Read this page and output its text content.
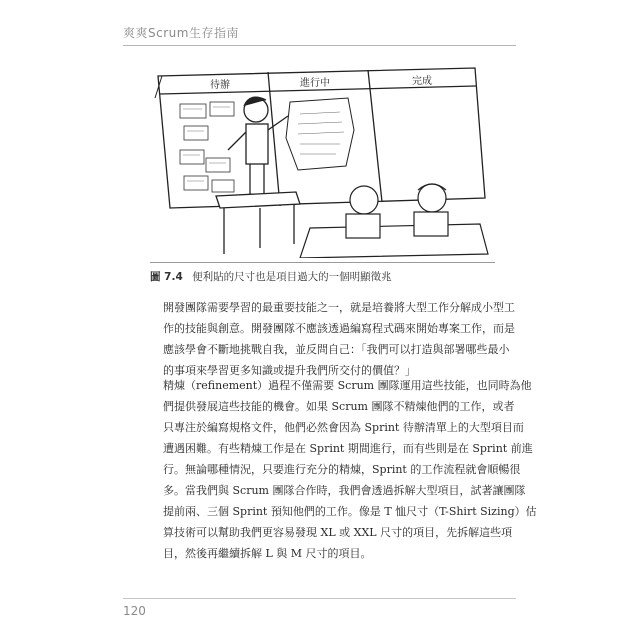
爽爽Scrum生存指南
待辦	進行中	完成
圖 7.4 便利貼的尺寸也是項目過大的一個明顯徵兆
開發團隊需要學習的最重要技能之一，就是培養將大型工作分解成小型工
作的技能與創意。開發團隊不應該透過編寫程式碼來開始專案工作，而是
應該學會不斷地挑戰自我，並反問自己：「我們可以打造與部署哪些最小
的事項來學習更多知識或提升我們所交付的價值？」
精煉（refinement）過程不僅需要 Scrum 團隊運用這些技能，也同時為他
們提供發展這些技能的機會。如果 Scrum 團隊不精煉他們的工作，或者
只專注於編寫規格文件，他們必然會因為 Sprint 待辦清單上的大型項目而
遭遇困難。有些精煉工作是在 Sprint 期間進行，而有些則是在 Sprint 前進
行。無論哪種情況，只要進行充分的精煉，Sprint 的工作流程就會順暢很
多。當我們與 Scrum 團隊合作時，我們會透過拆解大型項目，試著讓團隊
提前兩、三個 Sprint 預知他們的工作。像是 T 恤尺寸（T-Shirt Sizing）估
算技術可以幫助我們更容易發現 XL 或 XXL 尺寸的項目，先拆解這些項
目，然後再繼續拆解 L 與 M 尺寸的項目。
120
